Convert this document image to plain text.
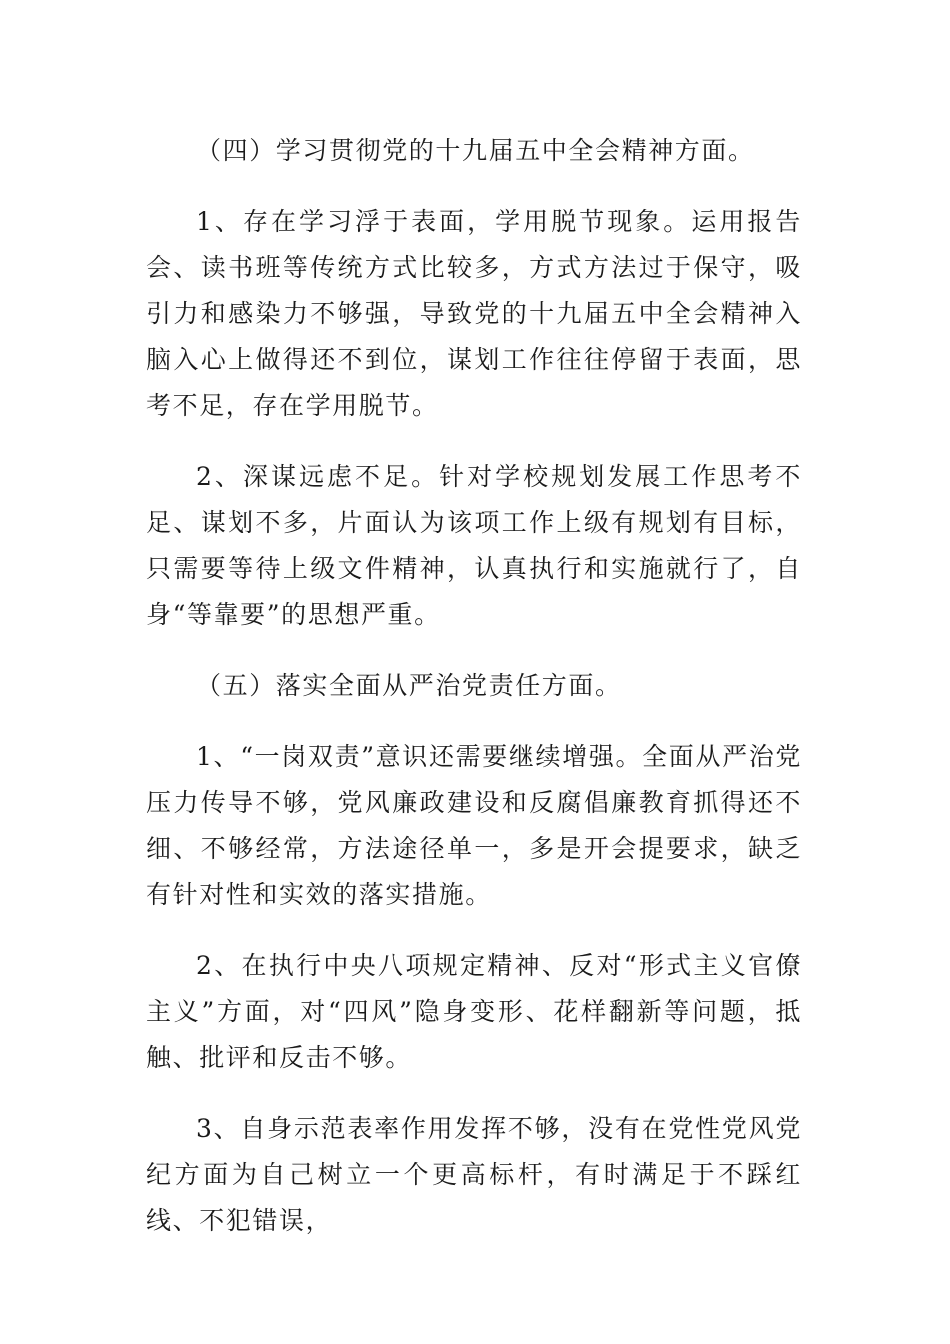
（四）学习贯彻党的十九届五中全会精神方面。

1、存在学习浮于表面，学用脱节现象。运用报告会、读书班等传统方式比较多，方式方法过于保守，吸引力和感染力不够强，导致党的十九届五中全会精神入脑入心上做得还不到位，谋划工作往往停留于表面，思考不足，存在学用脱节。

2、深谋远虑不足。针对学校规划发展工作思考不足、谋划不多，片面认为该项工作上级有规划有目标，只需要等待上级文件精神，认真执行和实施就行了，自身“等靠要”的思想严重。

（五）落实全面从严治党责任方面。

1、“一岗双责”意识还需要继续增强。全面从严治党压力传导不够，党风廉政建设和反腐倡廉教育抓得还不细、不够经常，方法途径单一，多是开会提要求，缺乏有针对性和实效的落实措施。

2、在执行中央八项规定精神、反对“形式主义官僚主义”方面，对“四风”隐身变形、花样翻新等问题，抵触、批评和反击不够。

3、自身示范表率作用发挥不够，没有在党性党风党纪方面为自己树立一个更高标杆，有时满足于不踩红线、不犯错误，
